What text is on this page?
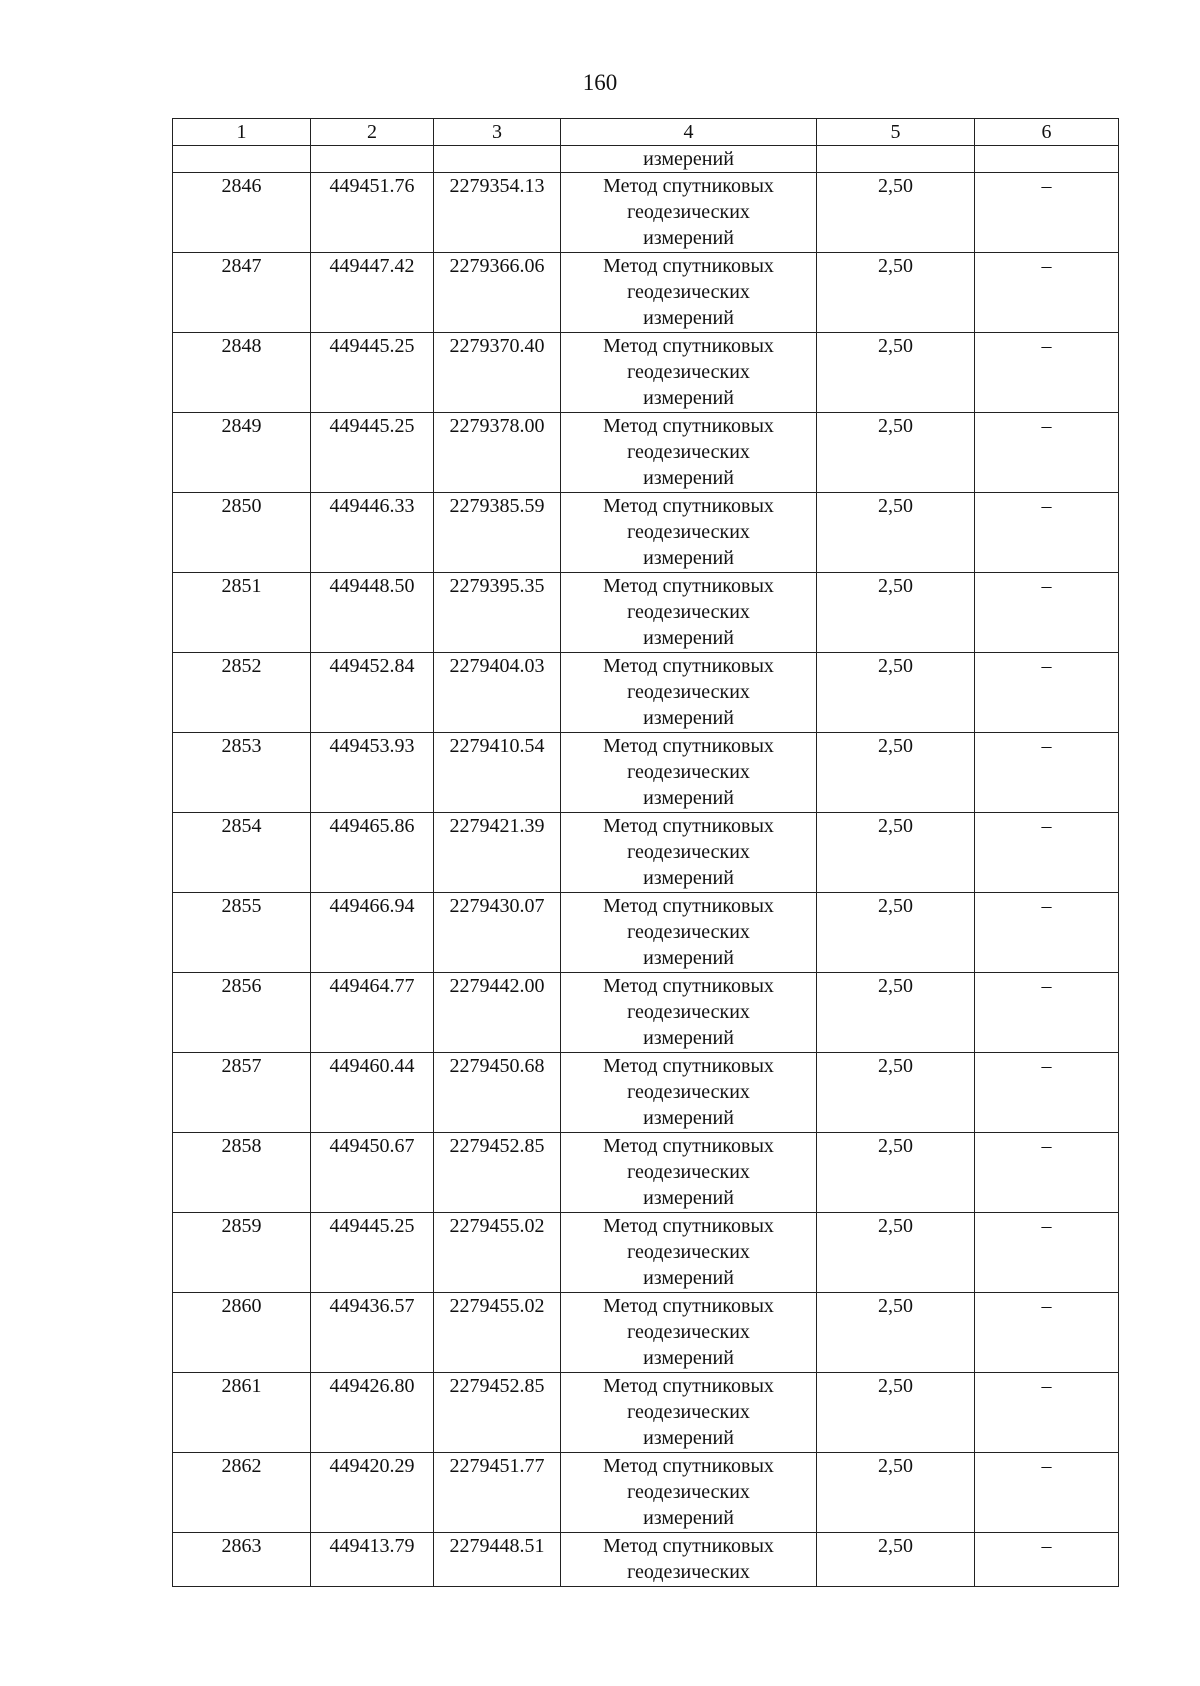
160
1	2	3	4	5	6
			измерений		
2846	449451.76	2279354.13	Метод спутниковых
геодезических
измерений	2,50	–
2847	449447.42	2279366.06	Метод спутниковых
геодезических
измерений	2,50	–
2848	449445.25	2279370.40	Метод спутниковых
геодезических
измерений	2,50	–
2849	449445.25	2279378.00	Метод спутниковых
геодезических
измерений	2,50	–
2850	449446.33	2279385.59	Метод спутниковых
геодезических
измерений	2,50	–
2851	449448.50	2279395.35	Метод спутниковых
геодезических
измерений	2,50	–
2852	449452.84	2279404.03	Метод спутниковых
геодезических
измерений	2,50	–
2853	449453.93	2279410.54	Метод спутниковых
геодезических
измерений	2,50	–
2854	449465.86	2279421.39	Метод спутниковых
геодезических
измерений	2,50	–
2855	449466.94	2279430.07	Метод спутниковых
геодезических
измерений	2,50	–
2856	449464.77	2279442.00	Метод спутниковых
геодезических
измерений	2,50	–
2857	449460.44	2279450.68	Метод спутниковых
геодезических
измерений	2,50	–
2858	449450.67	2279452.85	Метод спутниковых
геодезических
измерений	2,50	–
2859	449445.25	2279455.02	Метод спутниковых
геодезических
измерений	2,50	–
2860	449436.57	2279455.02	Метод спутниковых
геодезических
измерений	2,50	–
2861	449426.80	2279452.85	Метод спутниковых
геодезических
измерений	2,50	–
2862	449420.29	2279451.77	Метод спутниковых
геодезических
измерений	2,50	–
2863	449413.79	2279448.51	Метод спутниковых
геодезических	2,50	–
